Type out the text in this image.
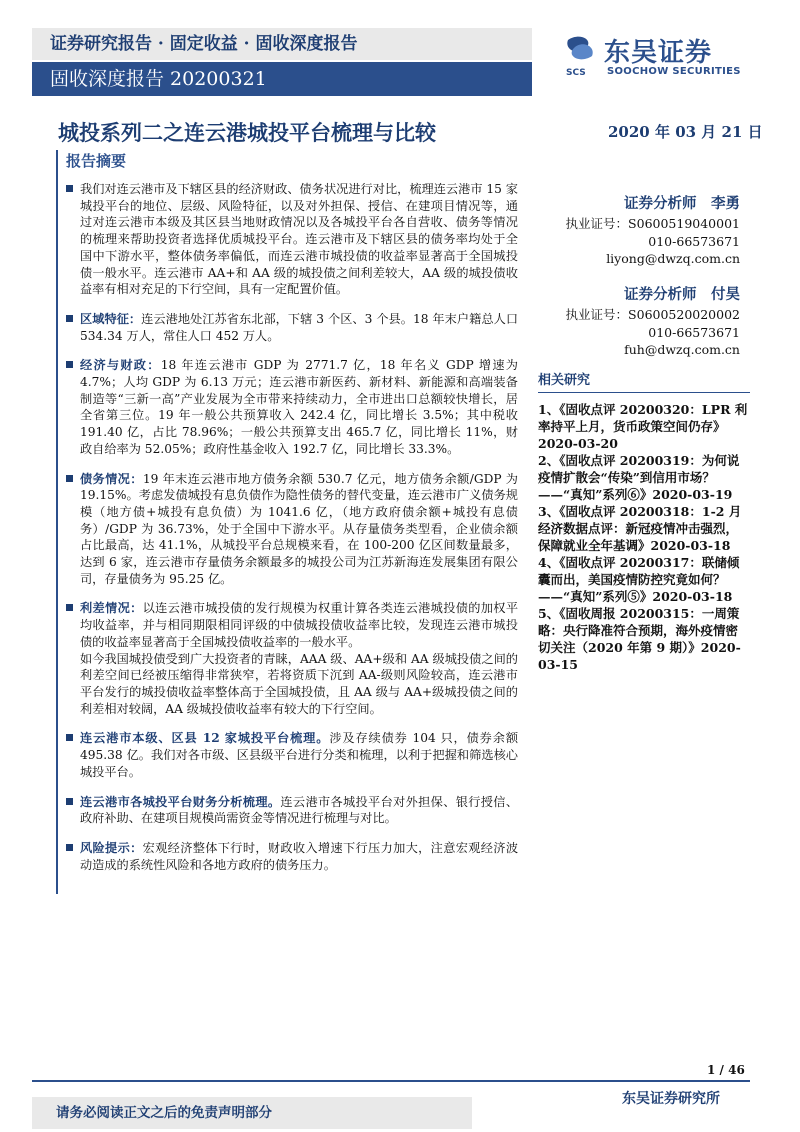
证券研究报告 · 固定收益 · 固收深度报告
固收深度报告 20200321	SCS
东吴证券
SOOCHOW SECURITIES
城投系列二之连云港城投平台梳理与比较	2020 年 03 月 21 日
报告摘要

我们对连云港市及下辖区县的经济财政、债务状况进行对比，梳理连云港市 15 家城投平台的地位、层级、风险特征，以及对外担保、授信、在建项目情况等，通过对连云港市本级及其区县当地财政情况以及各城投平台各自营收、债务等情况的梳理来帮助投资者选择优质城投平台。连云港市及下辖区县的债务率均处于全国中下游水平，整体债务率偏低，而连云港市城投债的收益率显著高于全国城投债一般水平。连云港市 AA+和 AA 级的城投债之间利差较大，AA 级的城投债收益率有相对充足的下行空间，具有一定配置价值。

区域特征：连云港地处江苏省东北部，下辖 3 个区、3 个县。18 年末户籍总人口 534.34 万人，常住人口 452 万人。

经济与财政：18 年连云港市 GDP 为 2771.7 亿，18 年名义 GDP 增速为 4.7%；人均 GDP 为 6.13 万元；连云港市新医药、新材料、新能源和高端装备制造等“三新一高”产业发展为全市带来持续动力，全市进出口总额较快增长，居全省第三位。19 年一般公共预算收入 242.4 亿，同比增长 3.5%；其中税收 191.40 亿，占比 78.96%；一般公共预算支出 465.7 亿，同比增长 11%，财政自给率为 52.05%；政府性基金收入 192.7 亿，同比增长 33.3%。

债务情况：19 年末连云港市地方债务余额 530.7 亿元，地方债务余额/GDP 为 19.15%。考虑发债城投有息负债作为隐性债务的替代变量，连云港市广义债务规模（地方债+城投有息负债）为 1041.6 亿，（地方政府债余额+城投有息债务）/GDP 为 36.73%，处于全国中下游水平。从存量债务类型看，企业债余额占比最高，达 41.1%，从城投平台总规模来看，在 100-200 亿区间数量最多，达到 6 家，连云港市存量债务余额最多的城投公司为江苏新海连发展集团有限公司，存量债务为 95.25 亿。

利差情况：以连云港市城投债的发行规模为权重计算各类连云港城投债的加权平均收益率，并与相同期限相同评级的中债城投债收益率比较，发现连云港市城投债的收益率显著高于全国城投债收益率的一般水平。

如今我国城投债受到广大投资者的青睐，AAA 级、AA+级和 AA 级城投债之间的利差空间已经被压缩得非常狭窄，若将资质下沉到 AA-级则风险较高，连云港市平台发行的城投债收益率整体高于全国城投债，且 AA 级与 AA+级城投债之间的利差相对较阔，AA 级城投债收益率有较大的下行空间。

连云港市本级、区县 12 家城投平台梳理。涉及存续债券 104 只，债券余额 495.38 亿。我们对各市级、区县级平台进行分类和梳理，以利于把握和筛选核心城投平台。

连云港市各城投平台财务分析梳理。连云港市各城投平台对外担保、银行授信、政府补助、在建项目规模尚需资金等情况进行梳理与对比。

风险提示：宏观经济整体下行时，财政收入增速下行压力加大，注意宏观经济波动造成的系统性风险和各地方政府的债务压力。

证券分析师　李勇
执业证号：S0600519040001
010-66573671
liyong@dwzq.com.cn
证券分析师　付昊
执业证号：S0600520020002
010-66573671
fuh@dwzq.com.cn
相关研究
1、《固收点评 20200320：LPR 利率持平上月，货币政策空间仍存》2020-03-20
2、《固收点评 20200319：为何说疫情扩散会“传染”到信用市场？——“真知”系列⑥》2020-03-19
3、《固收点评 20200318：1-2 月经济数据点评：新冠疫情冲击强烈，保障就业全年基调》2020-03-18
4、《固收点评 20200317：联储倾囊而出，美国疫情防控究竟如何？——“真知”系列⑤》2020-03-18
5、《固收周报 20200315：一周策略：央行降准符合预期，海外疫情密切关注（2020 年第 9 期）》2020-03-15
1 / 46
请务必阅读正文之后的免责声明部分
东吴证券研究所
